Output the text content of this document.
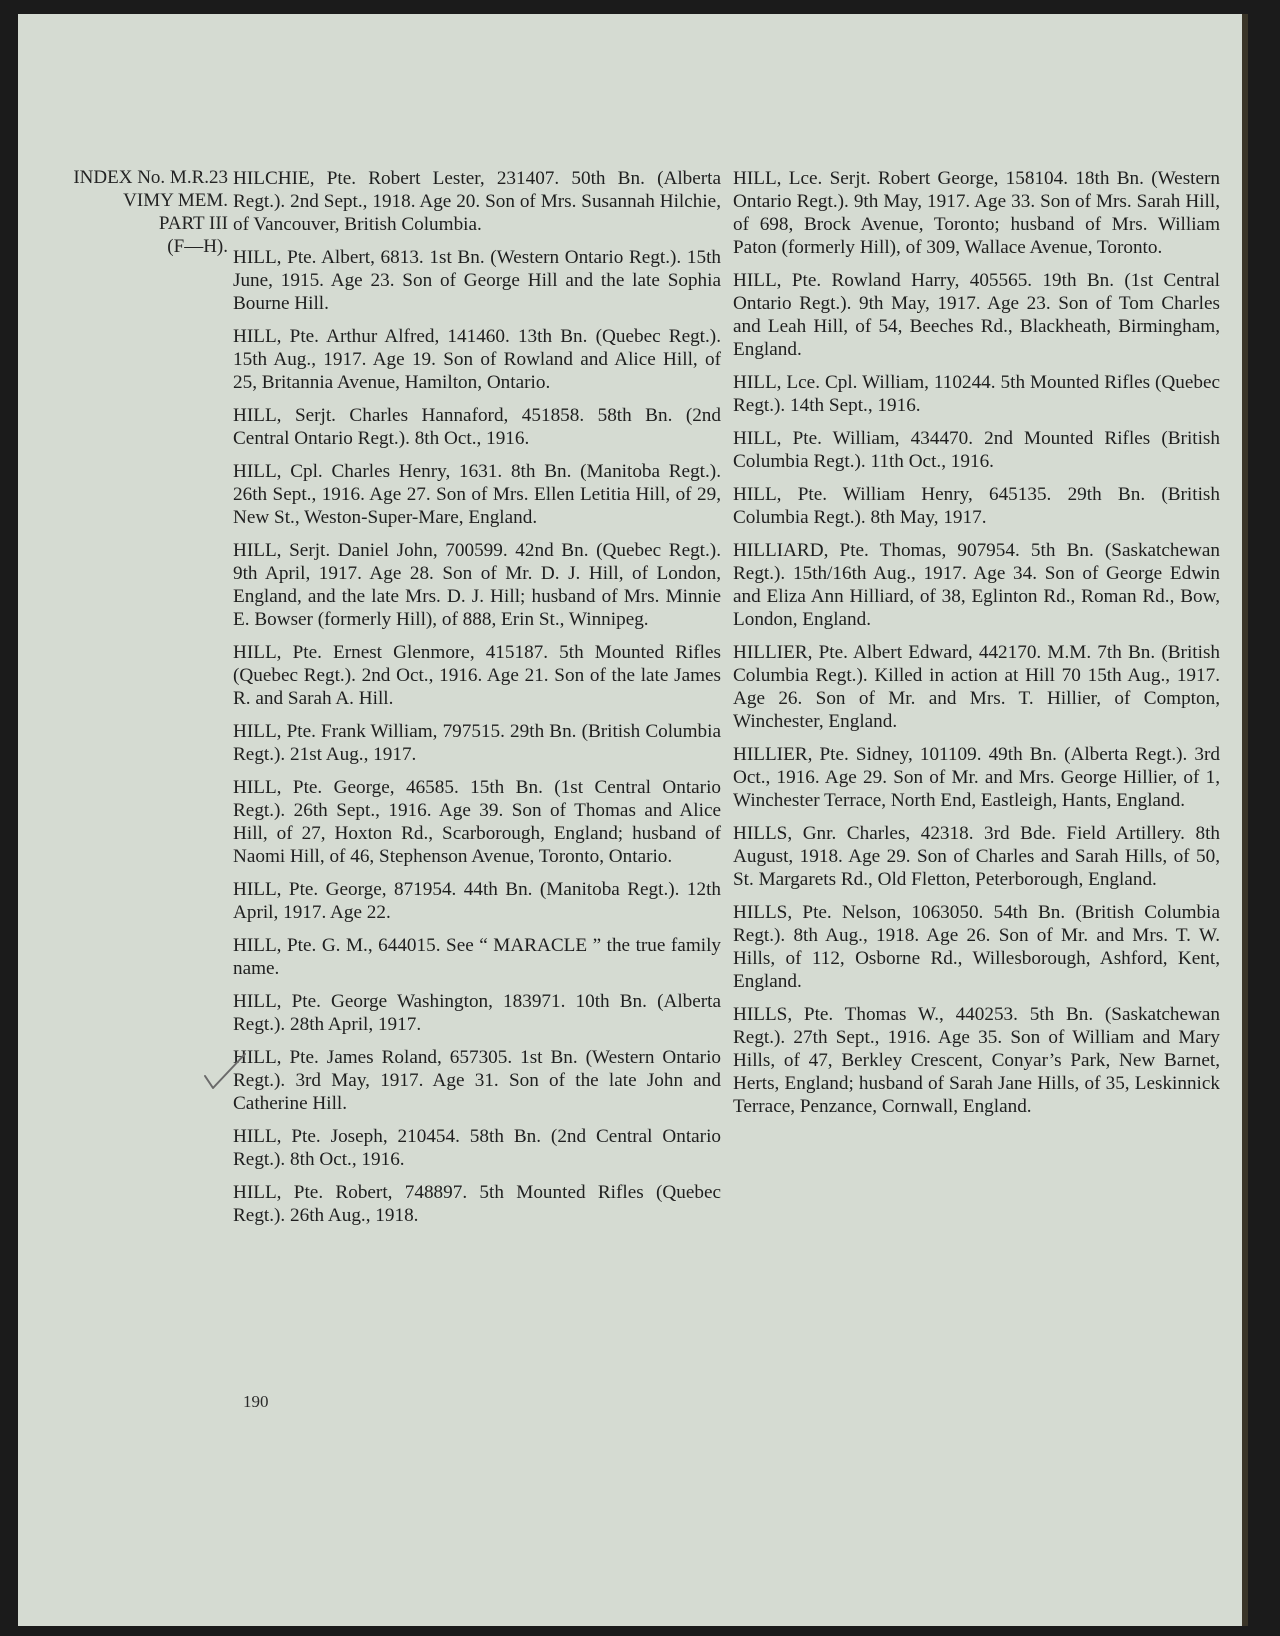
INDEX No. M.R.23
VIMY MEM.
PART III
(F—H).

HILCHIE, Pte. Robert Lester, 231407. 50th Bn. (Alberta Regt.). 2nd Sept., 1918. Age 20. Son of Mrs. Susannah Hilchie, of Vancouver, British Columbia.

HILL, Pte. Albert, 6813. 1st Bn. (Western Ontario Regt.). 15th June, 1915. Age 23. Son of George Hill and the late Sophia Bourne Hill.

HILL, Pte. Arthur Alfred, 141460. 13th Bn. (Quebec Regt.). 15th Aug., 1917. Age 19. Son of Rowland and Alice Hill, of 25, Britannia Avenue, Hamilton, Ontario.

HILL, Serjt. Charles Hannaford, 451858. 58th Bn. (2nd Central Ontario Regt.). 8th Oct., 1916.

HILL, Cpl. Charles Henry, 1631. 8th Bn. (Manitoba Regt.). 26th Sept., 1916. Age 27. Son of Mrs. Ellen Letitia Hill, of 29, New St., Weston-Super-Mare, England.

HILL, Serjt. Daniel John, 700599. 42nd Bn. (Quebec Regt.). 9th April, 1917. Age 28. Son of Mr. D. J. Hill, of London, England, and the late Mrs. D. J. Hill; husband of Mrs. Minnie E. Bowser (formerly Hill), of 888, Erin St., Winnipeg.

HILL, Pte. Ernest Glenmore, 415187. 5th Mounted Rifles (Quebec Regt.). 2nd Oct., 1916. Age 21. Son of the late James R. and Sarah A. Hill.

HILL, Pte. Frank William, 797515. 29th Bn. (British Columbia Regt.). 21st Aug., 1917.

HILL, Pte. George, 46585. 15th Bn. (1st Central Ontario Regt.). 26th Sept., 1916. Age 39. Son of Thomas and Alice Hill, of 27, Hoxton Rd., Scarborough, England; husband of Naomi Hill, of 46, Stephenson Avenue, Toronto, Ontario.

HILL, Pte. George, 871954. 44th Bn. (Manitoba Regt.). 12th April, 1917. Age 22.

HILL, Pte. G. M., 644015. See “ MARACLE ” the true family name.

HILL, Pte. George Washington, 183971. 10th Bn. (Alberta Regt.). 28th April, 1917.

HILL, Pte. James Roland, 657305. 1st Bn. (Western Ontario Regt.). 3rd May, 1917. Age 31. Son of the late John and Catherine Hill.

HILL, Pte. Joseph, 210454. 58th Bn. (2nd Central Ontario Regt.). 8th Oct., 1916.

HILL, Pte. Robert, 748897. 5th Mounted Rifles (Quebec Regt.). 26th Aug., 1918.

HILL, Lce. Serjt. Robert George, 158104. 18th Bn. (Western Ontario Regt.). 9th May, 1917. Age 33. Son of Mrs. Sarah Hill, of 698, Brock Avenue, Toronto; husband of Mrs. William Paton (formerly Hill), of 309, Wallace Avenue, Toronto.

HILL, Pte. Rowland Harry, 405565. 19th Bn. (1st Central Ontario Regt.). 9th May, 1917. Age 23. Son of Tom Charles and Leah Hill, of 54, Beeches Rd., Blackheath, Birmingham, England.

HILL, Lce. Cpl. William, 110244. 5th Mounted Rifles (Quebec Regt.). 14th Sept., 1916.

HILL, Pte. William, 434470. 2nd Mounted Rifles (British Columbia Regt.). 11th Oct., 1916.

HILL, Pte. William Henry, 645135. 29th Bn. (British Columbia Regt.). 8th May, 1917.

HILLIARD, Pte. Thomas, 907954. 5th Bn. (Saskatchewan Regt.). 15th/16th Aug., 1917. Age 34. Son of George Edwin and Eliza Ann Hilliard, of 38, Eglinton Rd., Roman Rd., Bow, London, England.

HILLIER, Pte. Albert Edward, 442170. M.M. 7th Bn. (British Columbia Regt.). Killed in action at Hill 70 15th Aug., 1917. Age 26. Son of Mr. and Mrs. T. Hillier, of Compton, Winchester, England.

HILLIER, Pte. Sidney, 101109. 49th Bn. (Alberta Regt.). 3rd Oct., 1916. Age 29. Son of Mr. and Mrs. George Hillier, of 1, Winchester Terrace, North End, Eastleigh, Hants, England.

HILLS, Gnr. Charles, 42318. 3rd Bde. Field Artillery. 8th August, 1918. Age 29. Son of Charles and Sarah Hills, of 50, St. Margarets Rd., Old Fletton, Peterborough, England.

HILLS, Pte. Nelson, 1063050. 54th Bn. (British Columbia Regt.). 8th Aug., 1918. Age 26. Son of Mr. and Mrs. T. W. Hills, of 112, Osborne Rd., Willesborough, Ashford, Kent, England.

HILLS, Pte. Thomas W., 440253. 5th Bn. (Saskatchewan Regt.). 27th Sept., 1916. Age 35. Son of William and Mary Hills, of 47, Berkley Crescent, Conyar’s Park, New Barnet, Herts, England; husband of Sarah Jane Hills, of 35, Leskinnick Terrace, Penzance, Cornwall, England.

190
